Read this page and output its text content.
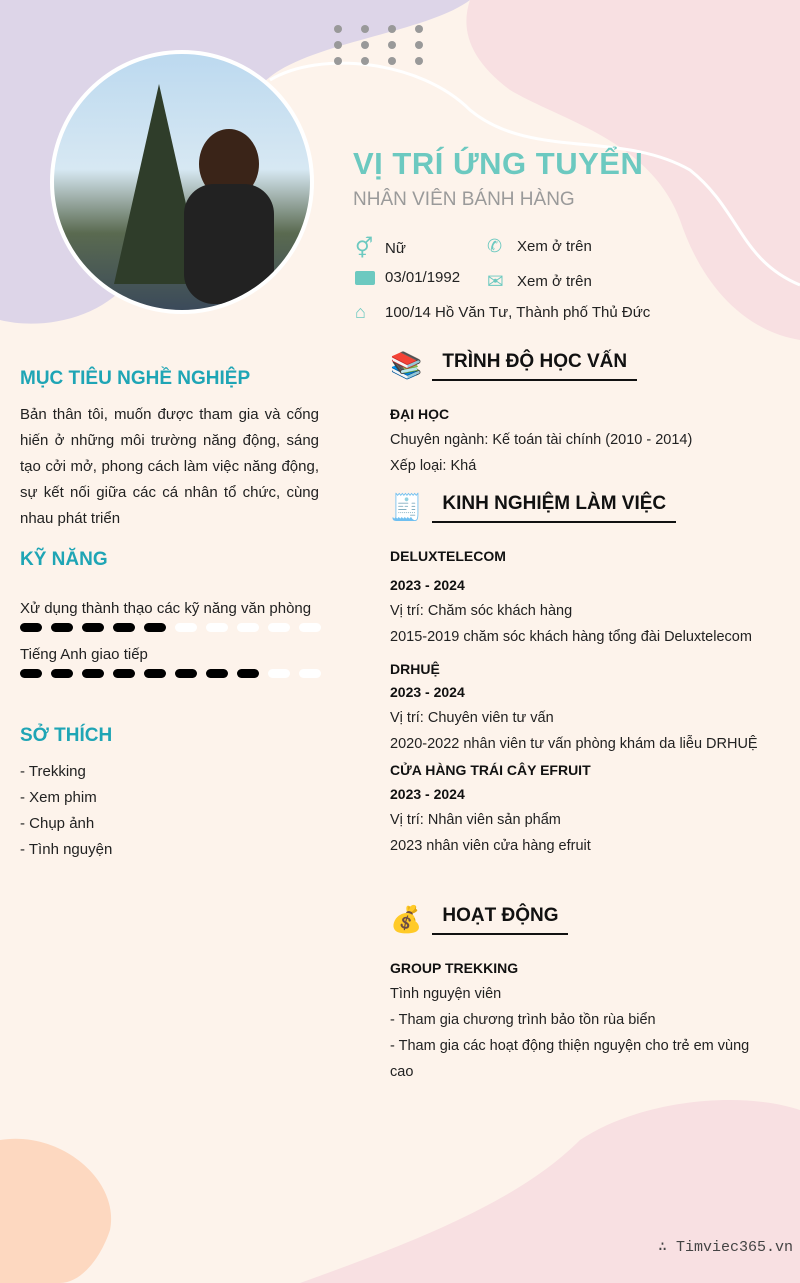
VỊ TRÍ ỨNG TUYỂN
NHÂN VIÊN BÁNH HÀNG
⚥ Nữ	✆ Xem ở trên
03/01/1992 ✉ Xem ở trên
⌂	100/14 Hồ Văn Tư, Thành phố Thủ Đức
MỤC TIÊU NGHỀ NGHIỆP
Bản thân tôi, muốn được tham gia và cống hiến ở những môi trường năng động, sáng tạo cởi mở, phong cách làm việc năng động, sự kết nối giữa các cá nhân tổ chức, cùng nhau phát triển
KỸ NĂNG
Xử dụng thành thạo các kỹ năng văn phòng
Tiếng Anh giao tiếp
SỞ THÍCH
- Trekking
- Xem phim
- Chụp ảnh
- Tình nguyện
📚	TRÌNH ĐỘ HỌC VẤN
ĐẠI HỌC
Chuyên ngành: Kế toán tài chính (2010 - 2014)
Xếp loại: Khá
🧾	KINH NGHIỆM LÀM VIỆC
DELUXTELECOM
2023 - 2024
Vị trí: Chăm sóc khách hàng
2015-2019 chăm sóc khách hàng tổng đài Deluxtelecom
DRHUỆ
2023 - 2024
Vị trí: Chuyên viên tư vấn
2020-2022 nhân viên tư vấn phòng khám da liễu DRHUỆ
CỬA HÀNG TRÁI CÂY EFRUIT
2023 - 2024
Vị trí: Nhân viên sản phẩm
2023 nhân viên cửa hàng efruit
💰	HOẠT ĐỘNG
GROUP TREKKING
Tình nguyện viên
- Tham gia chương trình bảo tồn rùa biển
- Tham gia các hoạt động thiện nguyện cho trẻ em vùng cao
∴ Timviec365.vn
